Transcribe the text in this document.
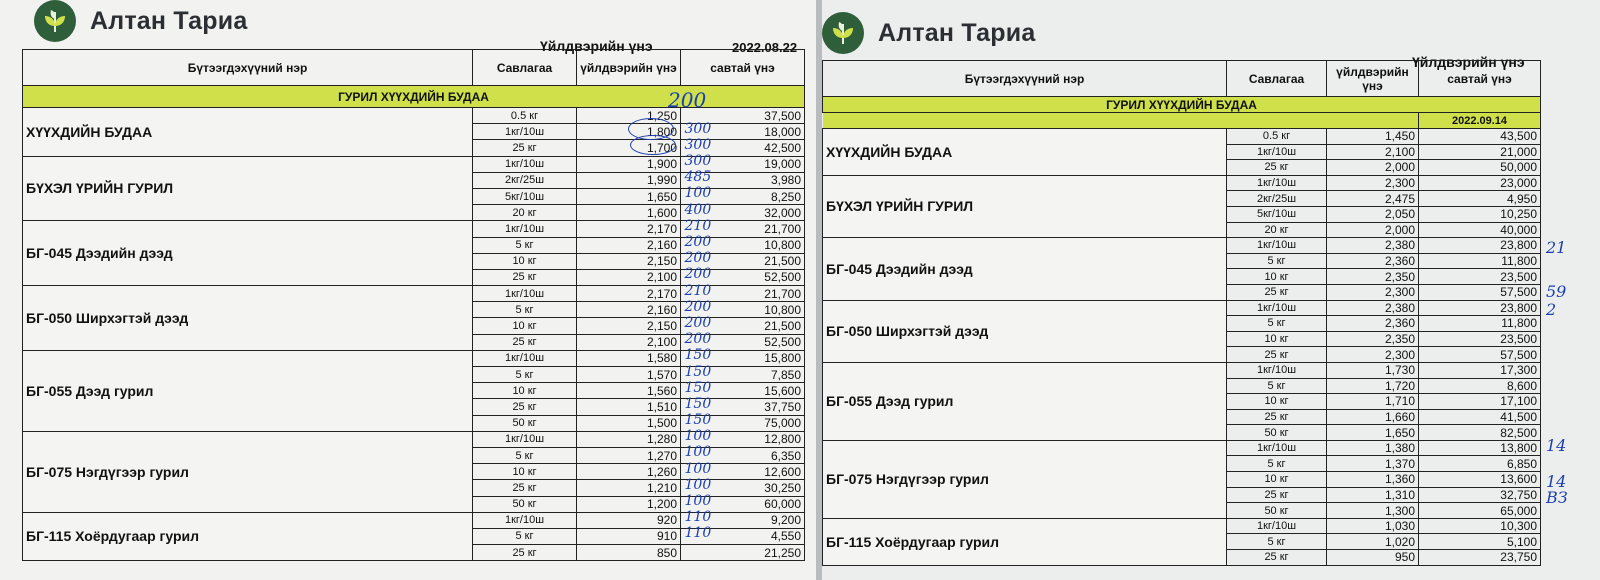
Алтан Тариа
Үйлдвэрийн үнэ	2022.08.22
Бүтээгдэхүүний нэр	Савлагаа	үйлдвэрийн үнэ	савтай үнэ
ГУРИЛ ХҮҮХДИЙН БУДАА			
ХҮҮХДИЙН БУДАА	0.5 кг	1,250	37,500
	1кг/10ш	1,800	18,000
	25 кг	1,700	42,500
БҮХЭЛ ҮРИЙН ГУРИЛ	1кг/10ш	1,900	19,000
	2кг/25ш	1,990	3,980
	5кг/10ш	1,650	8,250
	20 кг	1,600	32,000
БГ-045 Дээдийн дээд	1кг/10ш	2,170	21,700
	5 кг	2,160	10,800
	10 кг	2,150	21,500
	25 кг	2,100	52,500
БГ-050 Ширхэгтэй дээд	1кг/10ш	2,170	21,700
	5 кг	2,160	10,800
	10 кг	2,150	21,500
	25 кг	2,100	52,500
БГ-055 Дээд гурил	1кг/10ш	1,580	15,800
	5 кг	1,570	7,850
	10 кг	1,560	15,600
	25 кг	1,510	37,750
	50 кг	1,500	75,000
БГ-075 Нэгдүгээр гурил	1кг/10ш	1,280	12,800
	5 кг	1,270	6,350
	10 кг	1,260	12,600
	25 кг	1,210	30,250
	50 кг	1,200	60,000
БГ-115 Хоёрдугаар гурил	1кг/10ш	920	9,200
	5 кг	910	4,550
	25 кг	850	21,250
200
300
300
300
485
100
400
210
200
200
200
210
200
200
200
150
150
150
150
150
100
100
100
100
100
110
110
Алтан Тариа
Үйлдвэрийн үнэ
Бүтээгдэхүүний нэр	Савлагаа	үйлдвэрийн үнэ	савтай үнэ
ГУРИЛ ХҮҮХДИЙН БУДАА			
			2022.09.14
ХҮҮХДИЙН БУДАА	0.5 кг	1,450	43,500
	1кг/10ш	2,100	21,000
	25 кг	2,000	50,000
БҮХЭЛ ҮРИЙН ГУРИЛ	1кг/10ш	2,300	23,000
	2кг/25ш	2,475	4,950
	5кг/10ш	2,050	10,250
	20 кг	2,000	40,000
БГ-045 Дээдийн дээд	1кг/10ш	2,380	23,800
	5 кг	2,360	11,800
	10 кг	2,350	23,500
	25 кг	2,300	57,500
БГ-050 Ширхэгтэй дээд	1кг/10ш	2,380	23,800
	5 кг	2,360	11,800
	10 кг	2,350	23,500
	25 кг	2,300	57,500
БГ-055 Дээд гурил	1кг/10ш	1,730	17,300
	5 кг	1,720	8,600
	10 кг	1,710	17,100
	25 кг	1,660	41,500
	50 кг	1,650	82,500
БГ-075 Нэгдүгээр гурил	1кг/10ш	1,380	13,800
	5 кг	1,370	6,850
	10 кг	1,360	13,600
	25 кг	1,310	32,750
	50 кг	1,300	65,000
БГ-115 Хоёрдугаар гурил	1кг/10ш	1,030	10,300
	5 кг	1,020	5,100
	25 кг	950	23,750
21
59
2
14
14
ВЗ
